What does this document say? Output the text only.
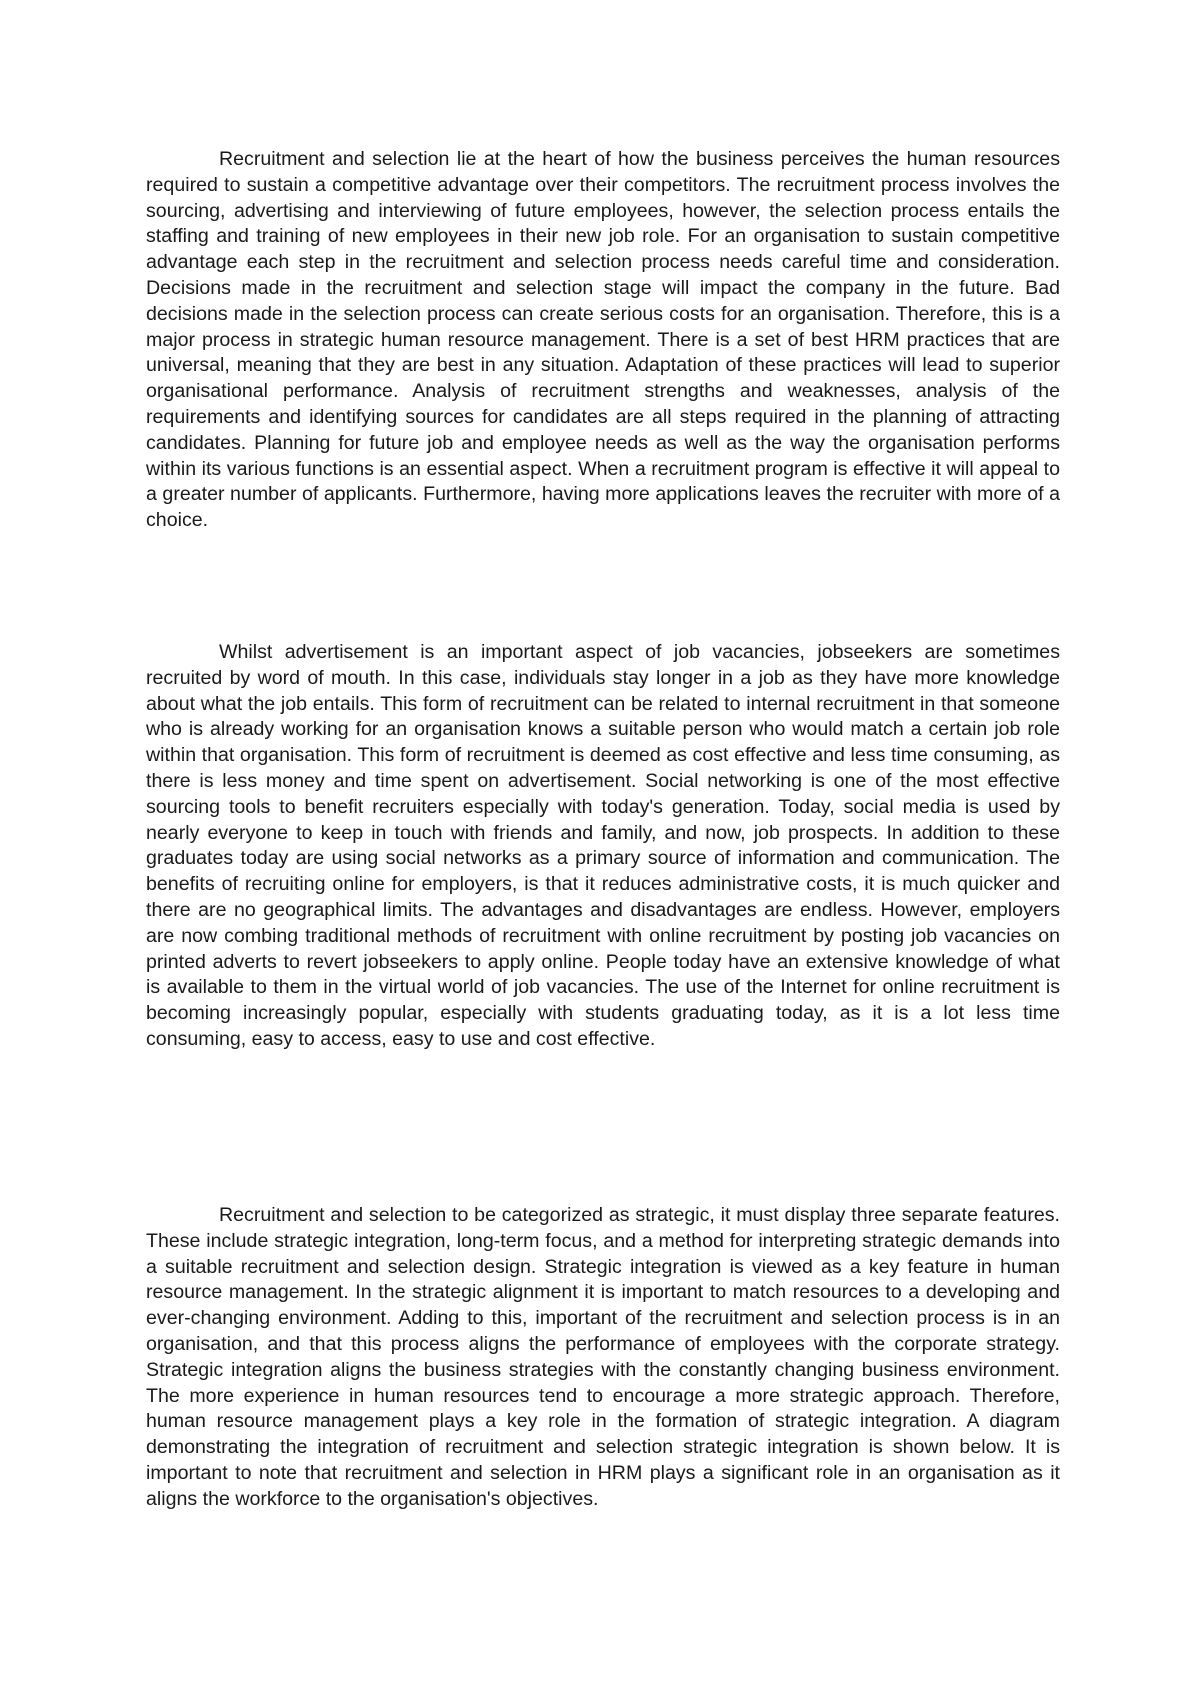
Recruitment and selection lie at the heart of how the business perceives the human resources required to sustain a competitive advantage over their competitors. The recruitment process involves the sourcing, advertising and interviewing of future employees, however, the selection process entails the staffing and training of new employees in their new job role. For an organisation to sustain competitive advantage each step in the recruitment and selection process needs careful time and consideration. Decisions made in the recruitment and selection stage will impact the company in the future. Bad decisions made in the selection process can create serious costs for an organisation. Therefore, this is a major process in strategic human resource management. There is a set of best HRM practices that are universal, meaning that they are best in any situation. Adaptation of these practices will lead to superior organisational performance. Analysis of recruitment strengths and weaknesses, analysis of the requirements and identifying sources for candidates are all steps required in the planning of attracting candidates. Planning for future job and employee needs as well as the way the organisation performs within its various functions is an essential aspect. When a recruitment program is effective it will appeal to a greater number of applicants. Furthermore, having more applications leaves the recruiter with more of a choice.

Whilst advertisement is an important aspect of job vacancies, jobseekers are sometimes recruited by word of mouth. In this case, individuals stay longer in a job as they have more knowledge about what the job entails. This form of recruitment can be related to internal recruitment in that someone who is already working for an organisation knows a suitable person who would match a certain job role within that organisation. This form of recruitment is deemed as cost effective and less time consuming, as there is less money and time spent on advertisement. Social networking is one of the most effective sourcing tools to benefit recruiters especially with today's generation. Today, social media is used by nearly everyone to keep in touch with friends and family, and now, job prospects. In addition to these graduates today are using social networks as a primary source of information and communication. The benefits of recruiting online for employers, is that it reduces administrative costs, it is much quicker and there are no geographical limits. The advantages and disadvantages are endless. However, employers are now combing traditional methods of recruitment with online recruitment by posting job vacancies on printed adverts to revert jobseekers to apply online. People today have an extensive knowledge of what is available to them in the virtual world of job vacancies. The use of the Internet for online recruitment is becoming increasingly popular, especially with students graduating today, as it is a lot less time consuming, easy to access, easy to use and cost effective.

Recruitment and selection to be categorized as strategic, it must display three separate features. These include strategic integration, long-term focus, and a method for interpreting strategic demands into a suitable recruitment and selection design. Strategic integration is viewed as a key feature in human resource management. In the strategic alignment it is important to match resources to a developing and ever-changing environment. Adding to this, important of the recruitment and selection process is in an organisation, and that this process aligns the performance of employees with the corporate strategy. Strategic integration aligns the business strategies with the constantly changing business environment. The more experience in human resources tend to encourage a more strategic approach. Therefore, human resource management plays a key role in the formation of strategic integration. A diagram demonstrating the integration of recruitment and selection strategic integration is shown below. It is important to note that recruitment and selection in HRM plays a significant role in an organisation as it aligns the workforce to the organisation's objectives.
